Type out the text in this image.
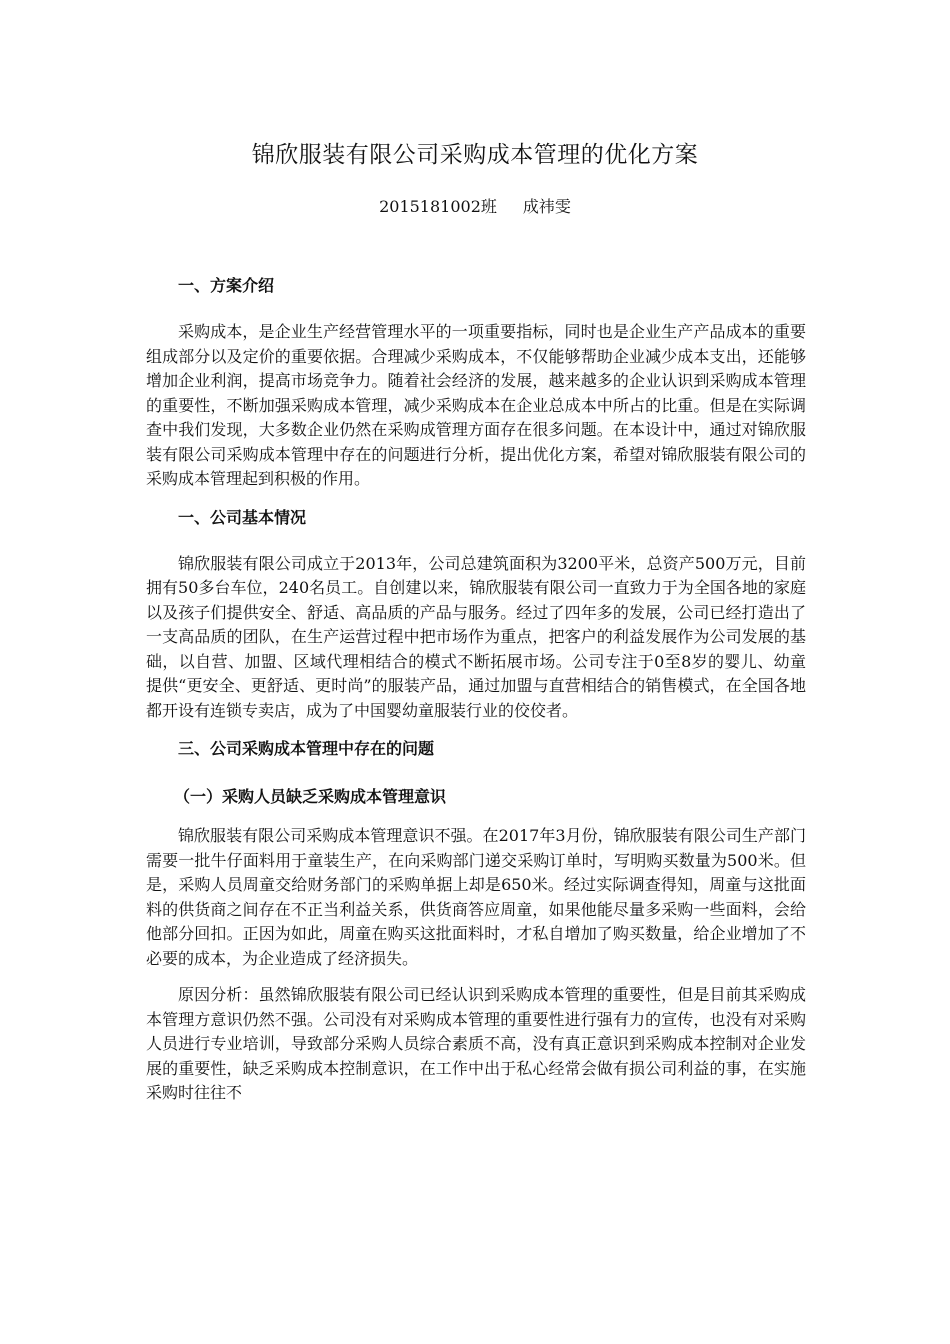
锦欣服装有限公司采购成本管理的优化方案
2015181002班 成祎雯
一、方案介绍

采购成本，是企业生产经营管理水平的一项重要指标，同时也是企业生产产品成本的重要组成部分以及定价的重要依据。合理减少采购成本，不仅能够帮助企业减少成本支出，还能够增加企业利润，提高市场竞争力。随着社会经济的发展，越来越多的企业认识到采购成本管理的重要性，不断加强采购成本管理，减少采购成本在企业总成本中所占的比重。但是在实际调查中我们发现，大多数企业仍然在采购成管理方面存在很多问题。在本设计中，通过对锦欣服装有限公司采购成本管理中存在的问题进行分析，提出优化方案，希望对锦欣服装有限公司的采购成本管理起到积极的作用。

一、公司基本情况

锦欣服装有限公司成立于2013年，公司总建筑面积为3200平米，总资产500万元，目前拥有50多台车位，240名员工。自创建以来，锦欣服装有限公司一直致力于为全国各地的家庭以及孩子们提供安全、舒适、高品质的产品与服务。经过了四年多的发展，公司已经打造出了一支高品质的团队，在生产运营过程中把市场作为重点，把客户的利益发展作为公司发展的基础，以自营、加盟、区域代理相结合的模式不断拓展市场。公司专注于0至8岁的婴儿、幼童提供“更安全、更舒适、更时尚”的服装产品，通过加盟与直营相结合的销售模式，在全国各地都开设有连锁专卖店，成为了中国婴幼童服装行业的佼佼者。

三、公司采购成本管理中存在的问题
（一）采购人员缺乏采购成本管理意识

锦欣服装有限公司采购成本管理意识不强。在2017年3月份，锦欣服装有限公司生产部门需要一批牛仔面料用于童装生产，在向采购部门递交采购订单时，写明购买数量为500米。但是，采购人员周童交给财务部门的采购单据上却是650米。经过实际调查得知，周童与这批面料的供货商之间存在不正当利益关系，供货商答应周童，如果他能尽量多采购一些面料，会给他部分回扣。正因为如此，周童在购买这批面料时，才私自增加了购买数量，给企业增加了不必要的成本，为企业造成了经济损失。

原因分析：虽然锦欣服装有限公司已经认识到采购成本管理的重要性，但是目前其采购成本管理方意识仍然不强。公司没有对采购成本管理的重要性进行强有力的宣传，也没有对采购人员进行专业培训，导致部分采购人员综合素质不高，没有真正意识到采购成本控制对企业发展的重要性，缺乏采购成本控制意识，在工作中出于私心经常会做有损公司利益的事，在实施采购时往往不
